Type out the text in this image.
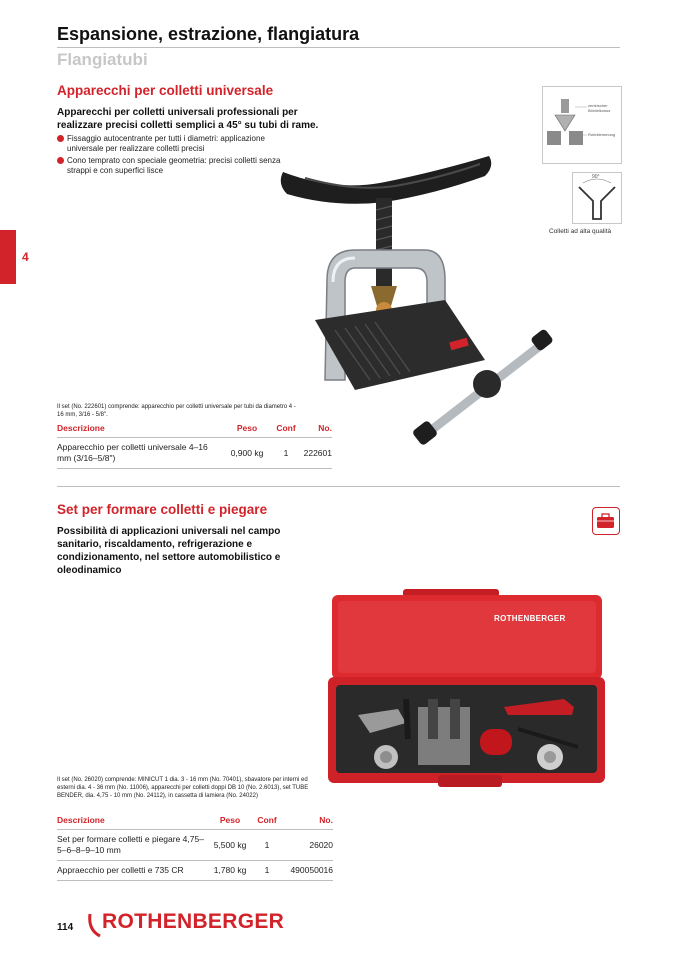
Espansione, estrazione, flangiatura
Flangiatubi
4
Apparecchi per colletti universale
Apparecchi per colletti universali professionali per realizzare precisi colletti semplici a 45° su tubi di rame.
Fissaggio autocentrante per tutti i diametri: applicazione universale per realizzare colletti precisi
Cono temprato con speciale geometria: precisi colletti senza strappi e con superfici lisce
zentrischer Bördelkonus
Rohrklemmung
90°
Colletti ad alta qualità
Il set (No. 222601) comprende: apparecchio per colletti universale per tubi da diametro 4 - 16 mm, 3/16 - 5/8".
Descrizione	Peso	Conf	No.
Apparecchio per colletti universale 4–16 mm (3/16–5/8")	0,900 kg	1	222601
Set per formare colletti e piegare
Possibilità di applicazioni universali nel campo sanitario, riscaldamento, refrigerazione e condizionamento, nel settore automobilistico e oleodinamico
ROTHENBERGER
Il set (No. 26020) comprende: MINICUT 1 dia. 3 - 16 mm (No. 70401), sbavatore per interni ed esterni dia. 4 - 36 mm (No. 11006), apparecchi per colletti doppi DB 10 (No. 2.6013), set TUBE BENDER, dia. 4,75 - 10 mm (No. 24112), in cassetta di lamiera (No. 24022)
Descrizione	Peso	Conf	No.
Set per formare colletti e piegare 4,75–5–6–8–9–10 mm	5,500 kg	1	26020
Appraecchio per colletti e 735 CR	1,780 kg	1	490050016
114 ROTHENBERGER
